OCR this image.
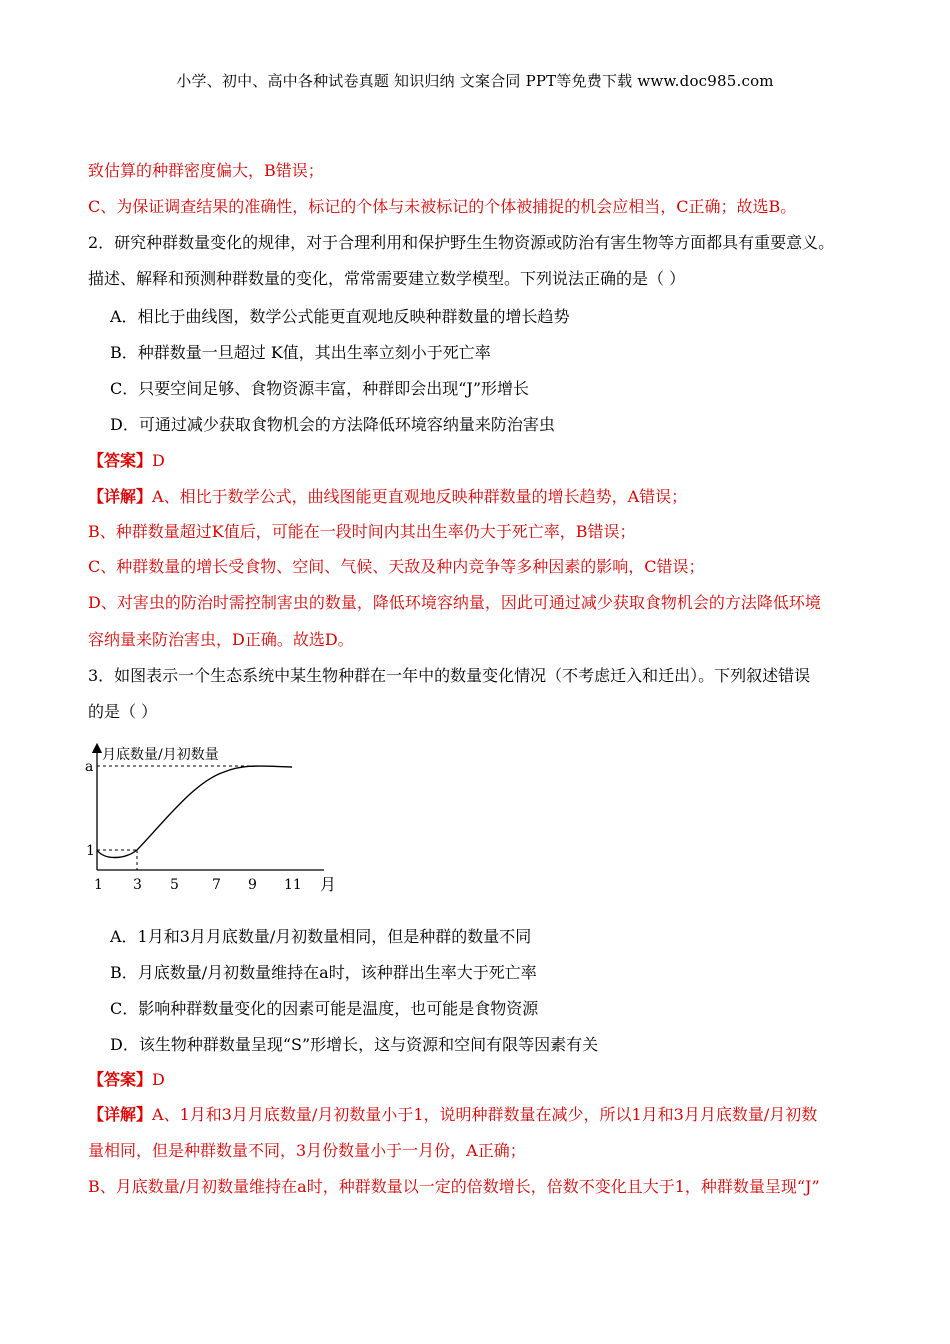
小学、初中、高中各种试卷真题 知识归纳 文案合同 PPT等免费下载 www.doc985.com
致估算的种群密度偏大，B错误；
C、为保证调查结果的准确性，标记的个体与未被标记的个体被捕捉的机会应相当，C正确；故选B。
2．研究种群数量变化的规律，对于合理利用和保护野生生物资源或防治有害生物等方面都具有重要意义。
描述、解释和预测种群数量的变化，常常需要建立数学模型。下列说法正确的是（ ）
A．相比于曲线图，数学公式能更直观地反映种群数量的增长趋势
B．种群数量一旦超过 K值，其出生率立刻小于死亡率
C．只要空间足够、食物资源丰富，种群即会出现“J”形增长
D．可通过减少获取食物机会的方法降低环境容纳量来防治害虫
【答案】D
【详解】A、相比于数学公式，曲线图能更直观地反映种群数量的增长趋势，A错误；
B、种群数量超过K值后，可能在一段时间内其出生率仍大于死亡率，B错误；
C、种群数量的增长受食物、空间、气候、天敌及种内竞争等多种因素的影响，C错误；
D、对害虫的防治时需控制害虫的数量，降低环境容纳量，因此可通过减少获取食物机会的方法降低环境
容纳量来防治害虫，D正确。故选D。
3．如图表示一个生态系统中某生物种群在一年中的数量变化情况（不考虑迁入和迁出）。下列叙述错误
的是（ ）
月底数量/月初数量
a
1
1 3 5 7 9 11 月
A．1月和3月月底数量/月初数量相同，但是种群的数量不同
B．月底数量/月初数量维持在a时，该种群出生率大于死亡率
C．影响种群数量变化的因素可能是温度，也可能是食物资源
D．该生物种群数量呈现“S”形增长，这与资源和空间有限等因素有关
【答案】D
【详解】A、1月和3月月底数量/月初数量小于1，说明种群数量在减少，所以1月和3月月底数量/月初数
量相同，但是种群数量不同，3月份数量小于一月份，A正确；
B、月底数量/月初数量维持在a时，种群数量以一定的倍数增长，倍数不变化且大于1，种群数量呈现“J”
